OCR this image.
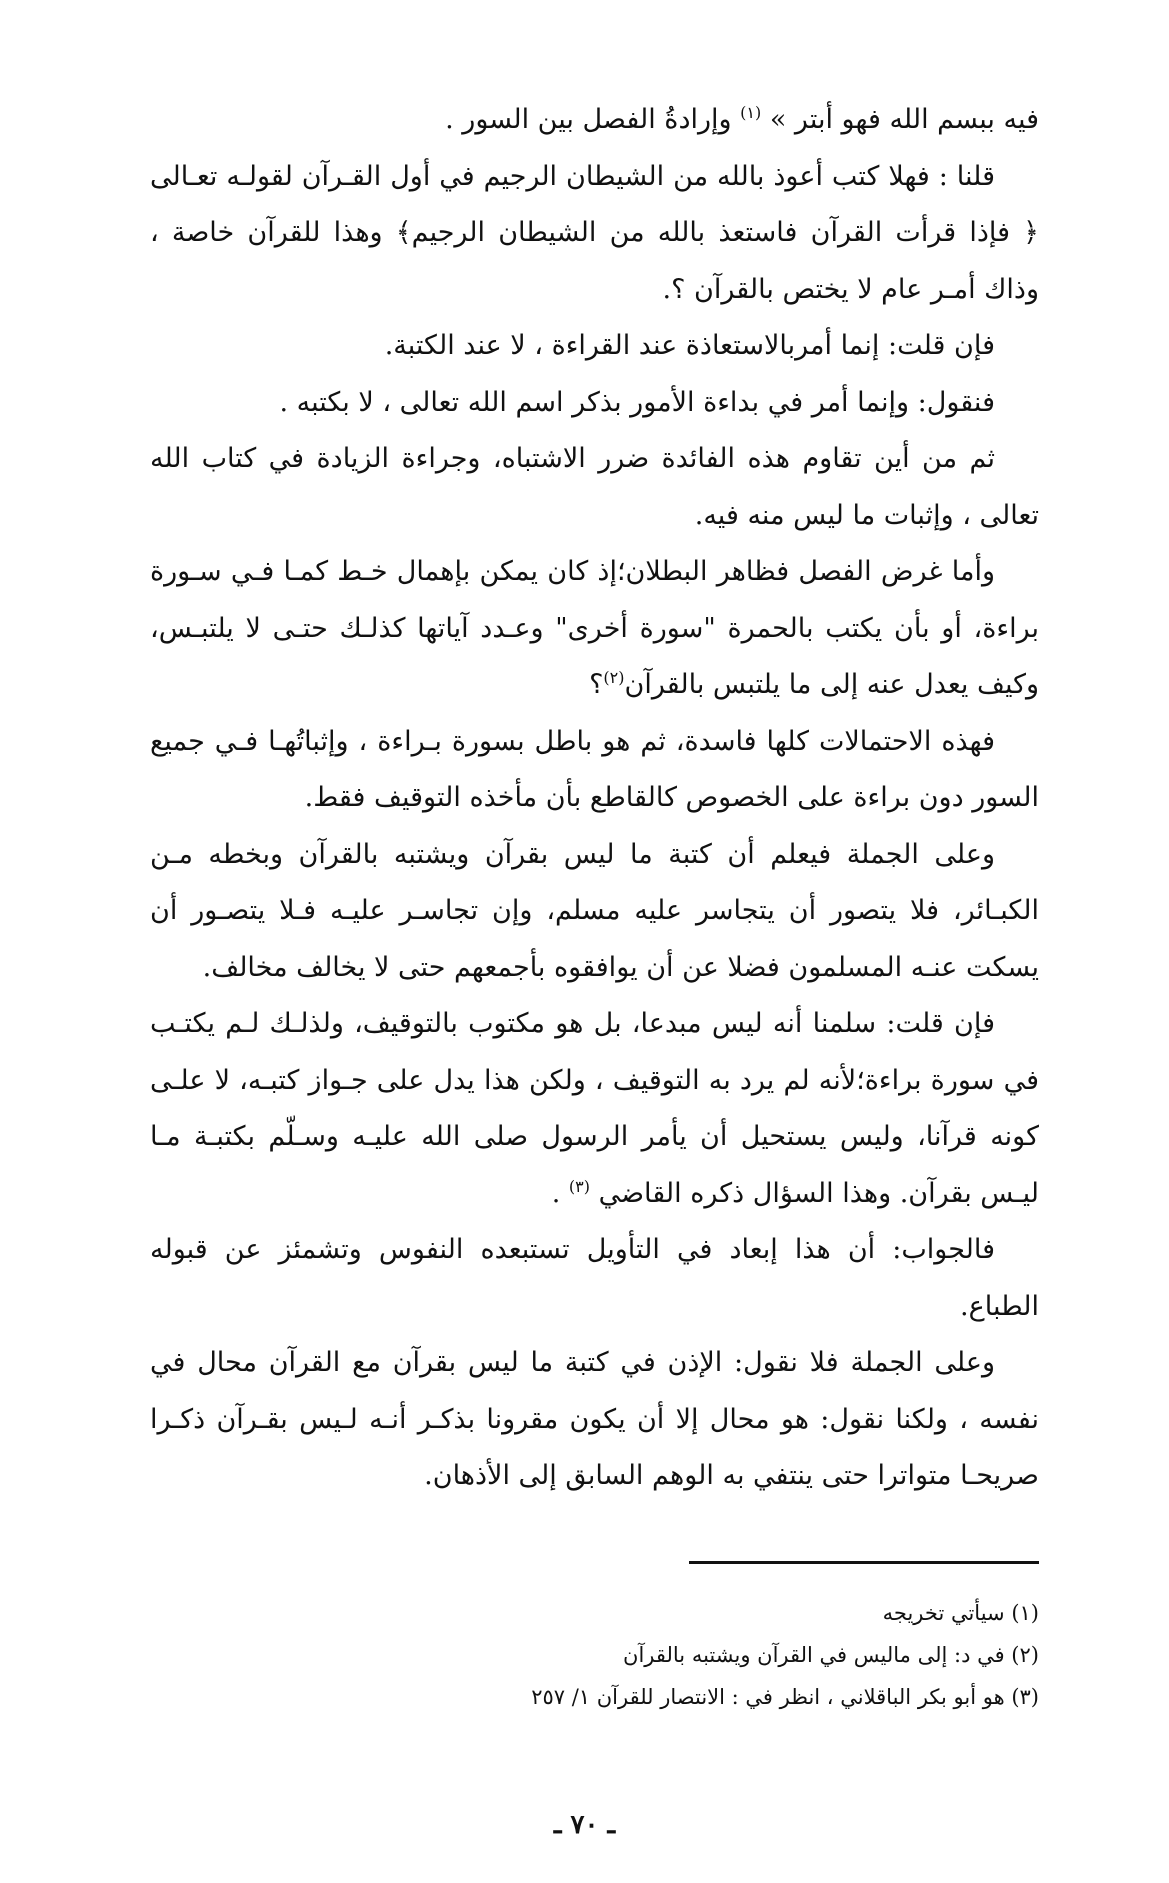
فيه ببسم الله فهو أبتر » $^{(١)}$ وإرادةُ الفصل بين السور .

قلنا : فهلا كتب أعوذ بالله من الشيطان الرجيم في أول القـرآن لقولـه تعـالى ﴿ فإذا قرأت القرآن فاستعذ بالله من الشيطان الرجيم﴾ وهذا للقرآن خاصة ، وذاك أمـر عام لا يختص بالقرآن ؟.

فإن قلت: إنما أمربالاستعاذة عند القراءة ، لا عند الكتبة.

فنقول: وإنما أمر في بداءة الأمور بذكر اسم الله تعالى ، لا بكتبه .

ثم من أين تقاوم هذه الفائدة ضرر الاشتباه، وجراءة الزيادة في كتاب الله تعالى ، وإثبات ما ليس منه فيه.

وأما غرض الفصل فظاهر البطلان؛إذ كان يمكن بإهمال خـط كمـا فـي سـورة براءة، أو بأن يكتب بالحمرة "سورة أخرى" وعـدد آياتها كذلـك حتـى لا يلتبـس، وكيف يعدل عنه إلى ما يلتبس بالقرآن$^{(٢)}$؟

فهذه الاحتمالات كلها فاسدة، ثم هو باطل بسورة بـراءة ، وإثباتُهـا فـي جميع السور دون براءة على الخصوص كالقاطع بأن مأخذه التوقيف فقط.

وعلى الجملة فيعلم أن كتبة ما ليس بقرآن ويشتبه بالقرآن وبخطه مـن الكبـائر، فلا يتصور أن يتجاسر عليه مسلم، وإن تجاسـر عليـه فـلا يتصـور أن يسكت عنـه المسلمون فضلا عن أن يوافقوه بأجمعهم حتى لا يخالف مخالف.

فإن قلت: سلمنا أنه ليس مبدعا، بل هو مكتوب بالتوقيف، ولذلـك لـم يكتـب في سورة براءة؛لأنه لم يرد به التوقيف ، ولكن هذا يدل على جـواز كتبـه، لا علـى كونه قرآنا، وليس يستحيل أن يأمر الرسول صلى الله عليـه وسـلّم بكتبـة مـا ليـس بقرآن. وهذا السؤال ذكره القاضي $^{(٣)}$ .

فالجواب: أن هذا إبعاد في التأويل تستبعده النفوس وتشمئز عن قبوله الطباع.

وعلى الجملة فلا نقول: الإذن في كتبة ما ليس بقرآن مع القرآن محال في نفسه ، ولكنا نقول: هو محال إلا أن يكون مقرونا بذكـر أنـه لـيس بقـرآن ذكـرا صريحـا متواترا حتى ينتفي به الوهم السابق إلى الأذهان.

(١) سيأتي تخريجه

(٢) في د: إلى ماليس في القرآن ويشتبه بالقرآن

(٣) هو أبو بكر الباقلاني ، انظر في : الانتصار للقرآن ١/ ٢٥٧

ـ ٧٠ ـ
